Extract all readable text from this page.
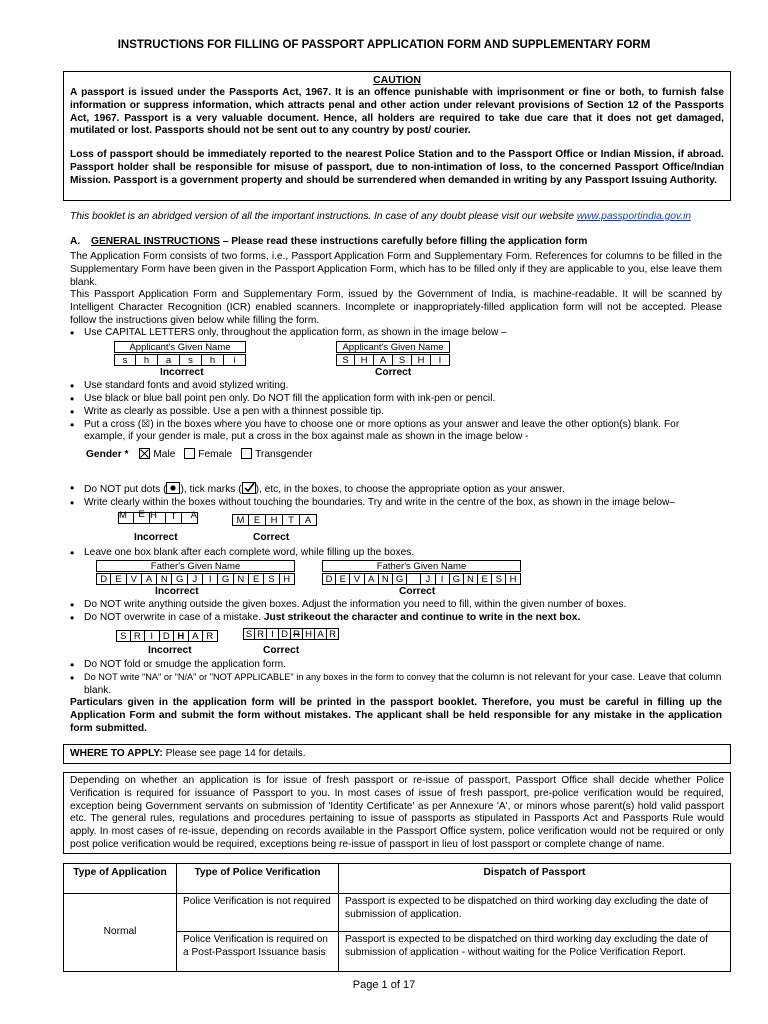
INSTRUCTIONS FOR FILLING OF PASSPORT APPLICATION FORM AND SUPPLEMENTARY FORM
CAUTION

A passport is issued under the Passports Act, 1967. It is an offence punishable with imprisonment or fine or both, to furnish false information or suppress information, which attracts penal and other action under relevant provisions of Section 12 of the Passports Act, 1967. Passport is a very valuable document. Hence, all holders are required to take due care that it does not get damaged, mutilated or lost. Passports should not be sent out to any country by post/ courier.

Loss of passport should be immediately reported to the nearest Police Station and to the Passport Office or Indian Mission, if abroad. Passport holder shall be responsible for misuse of passport, due to non-intimation of loss, to the concerned Passport Office/Indian Mission. Passport is a government property and should be surrendered when demanded in writing by any Passport Issuing Authority.

This booklet is an abridged version of all the important instructions. In case of any doubt please visit our website www.passportindia.gov.in
A. GENERAL INSTRUCTIONS – Please read these instructions carefully before filling the application form
The Application Form consists of two forms, i.e., Passport Application Form and Supplementary Form. References for columns to be filled in the Supplementary Form have been given in the Passport Application Form, which has to be filled only if they are applicable to you, else leave them blank.
This Passport Application Form and Supplementary Form, issued by the Government of India, is machine-readable. It will be scanned by Intelligent Character Recognition (ICR) enabled scanners. Incomplete or inappropriately-filled application form will not be accepted. Please follow the instructions given below while filling the form.
• Use CAPITAL LETTERS only, throughout the application form, as shown in the image below –
Applicant's Given Name
s	h	a	s	h	i
Incorrect
Applicant's Given Name
S	H	A	S	H	I
Correct
• Use standard fonts and avoid stylized writing.
• Use black or blue ball point pen only. Do NOT fill the application form with ink-pen or pencil.
• Write as clearly as possible. Use a pen with a thinnest possible tip.
• Put a cross (☒) in the boxes where you have to choose one or more options as your answer and leave the other option(s) blank. For example, if your gender is male, put a cross in the box against male as shown in the image below -
Gender * Male Female Transgender
• Do NOT put dots ( ), tick marks ( ), etc, in the boxes, to choose the appropriate option as your answer.
• Write clearly within the boxes without touching the boundaries. Try and write in the centre of the box, as shown in the image below–
M	E H	T	A
Incorrect
M E	H	T	A
Correct
• Leave one box blank after each complete word, while filling up the boxes.
Father's Given Name
D E V A N G J	I	G N E S H
Incorrect
Father's Given Name
D E V A N G	J	I G N E S H
Correct
• Do NOT write anything outside the given boxes. Adjust the information you need to fill, within the given number of boxes.
• Do NOT overwrite in case of a mistake. Just strikeout the character and continue to write in the next box.
S R	I	D H A R
Incorrect
S R I D R H A R
Correct
• Do NOT fold or smudge the application form.
• Do NOT write "NA" or "N/A" or "NOT APPLICABLE" in any boxes in the form to convey that the column is not relevant for your case. Leave that column blank.
Particulars given in the application form will be printed in the passport booklet. Therefore, you must be careful in filling up the Application Form and submit the form without mistakes. The applicant shall be held responsible for any mistake in the application form submitted.
WHERE TO APPLY: Please see page 14 for details.
Depending on whether an application is for issue of fresh passport or re-issue of passport, Passport Office shall decide whether Police Verification is required for issuance of Passport to you. In most cases of issue of fresh passport, pre-police verification would be required, exception being Government servants on submission of 'Identity Certificate' as per Annexure 'A', or minors whose parent(s) hold valid passport etc. The general rules, regulations and procedures pertaining to issue of passports as stipulated in Passports Act and Passports Rule would apply. In most cases of re-issue, depending on records available in the Passport Office system, police verification would not be required or only post police verification would be required, exceptions being re-issue of passport in lieu of lost passport or complete change of name.
Type of Application	Type of Police Verification	Dispatch of Passport
Normal	Police Verification is not required	Passport is expected to be dispatched on third working day excluding the date of submission of application.
	Police Verification is required on a Post-Passport Issuance basis	Passport is expected to be dispatched on third working day excluding the date of submission of application - without waiting for the Police Verification Report.
Page 1 of 17
